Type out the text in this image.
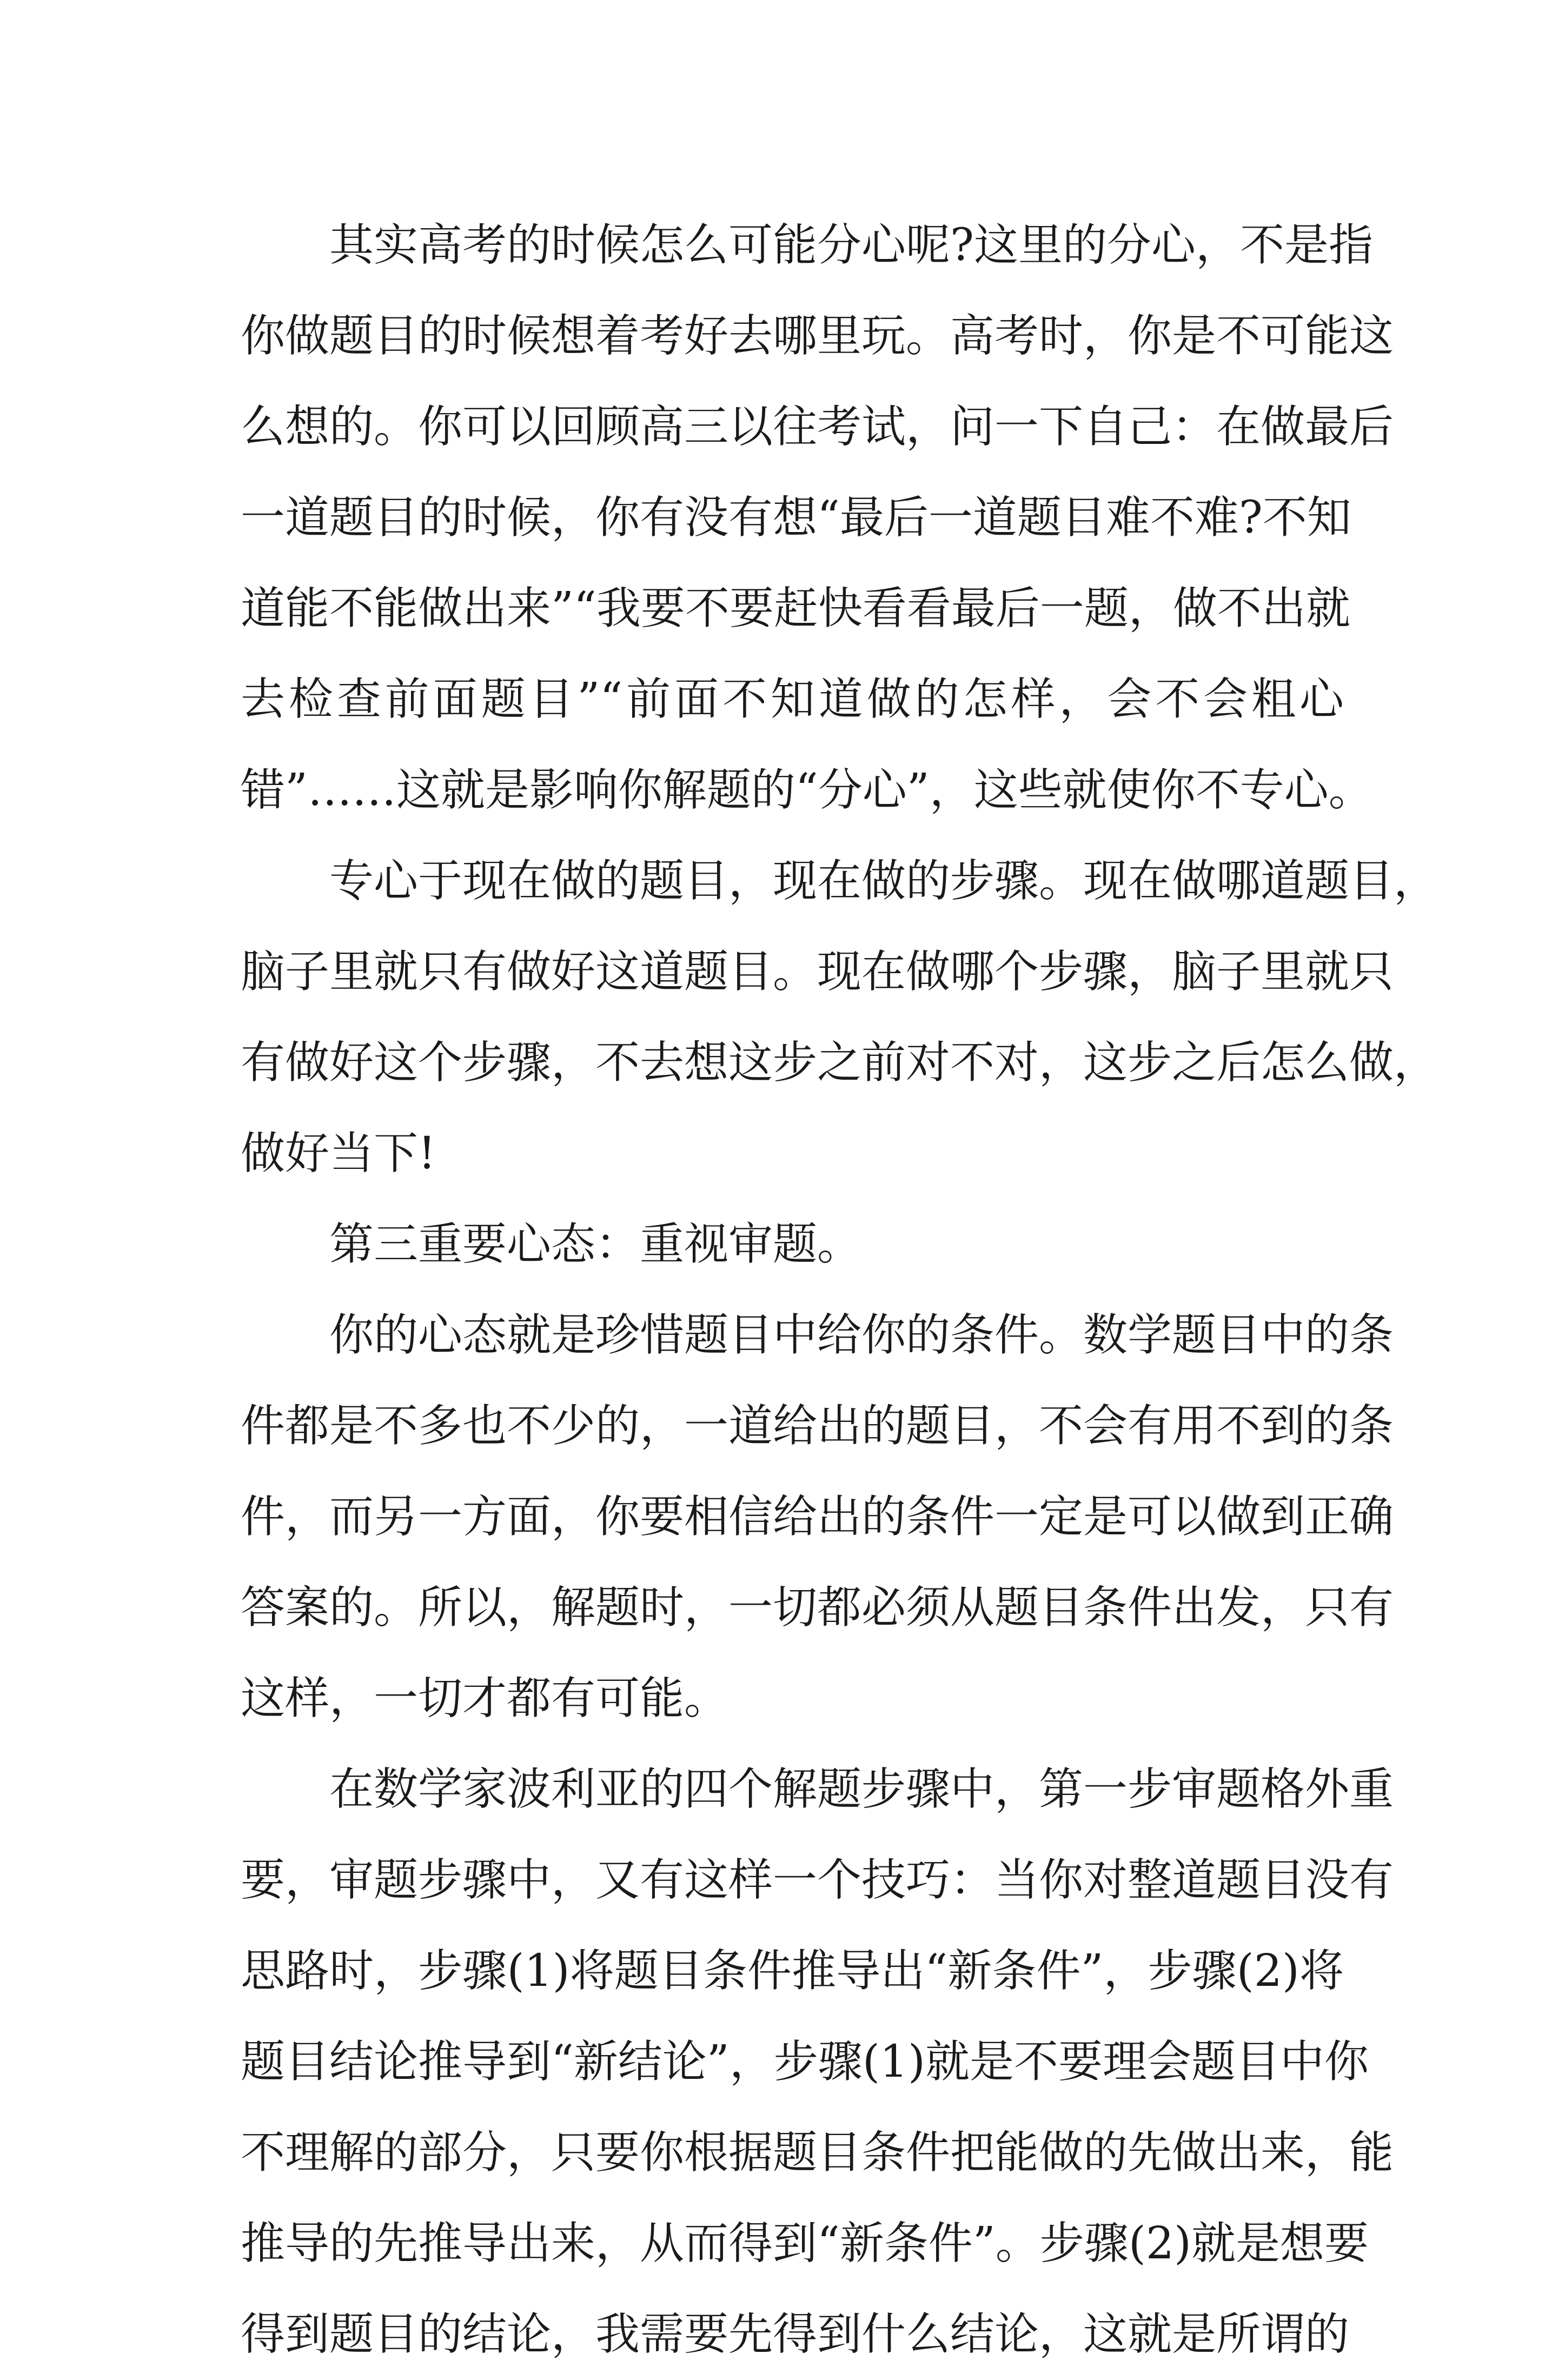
其实高考的时候怎么可能分心呢?这里的分心，不是指
你做题目的时候想着考好去哪里玩。高考时，你是不可能这
么想的。你可以回顾高三以往考试，问一下自己：在做最后
一道题目的时候，你有没有想“最后一道题目难不难?不知
道能不能做出来”“我要不要赶快看看最后一题，做不出就
去检查前面题目”“前面不知道做的怎样，会不会粗心
错”……这就是影响你解题的“分心”，这些就使你不专心。
专心于现在做的题目，现在做的步骤。现在做哪道题目，
脑子里就只有做好这道题目。现在做哪个步骤，脑子里就只
有做好这个步骤，不去想这步之前对不对，这步之后怎么做，
做好当下!
第三重要心态：重视审题。
你的心态就是珍惜题目中给你的条件。数学题目中的条
件都是不多也不少的，一道给出的题目，不会有用不到的条
件，而另一方面，你要相信给出的条件一定是可以做到正确
答案的。所以，解题时，一切都必须从题目条件出发，只有
这样，一切才都有可能。
在数学家波利亚的四个解题步骤中，第一步审题格外重
要，审题步骤中，又有这样一个技巧：当你对整道题目没有
思路时，步骤(1)将题目条件推导出“新条件”，步骤(2)将
题目结论推导到“新结论”，步骤(1)就是不要理会题目中你
不理解的部分，只要你根据题目条件把能做的先做出来，能
推导的先推导出来，从而得到“新条件”。步骤(2)就是想要
得到题目的结论，我需要先得到什么结论，这就是所谓的
